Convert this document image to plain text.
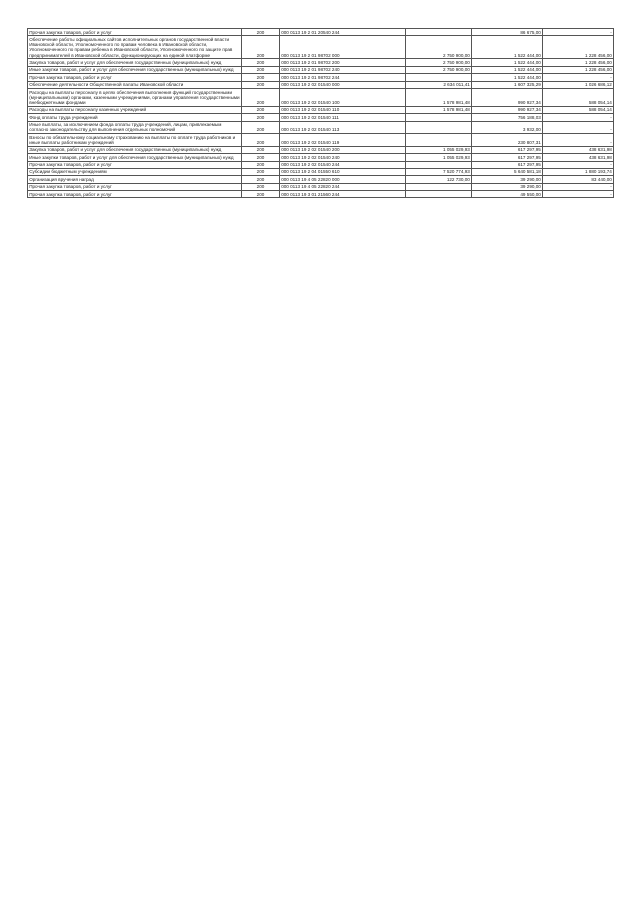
Прочая закупка товаров, работ и услуг	200	000 0113 19 2 01 20540 244		86 675,00	-
Обеспечение работы официальных сайтов исполнительных органов государственной власти Ивановской области, Уполномоченного по правам человека в Ивановской области, Уполномоченного по правам ребенка в Ивановской области, Уполномоченного по защите прав предпринимателей в Ивановской области, функционирующих на единой платформе	200	000 0113 19 2 01 98702 000	2 750 900,00	1 522 444,00	1 228 456,00
Закупка товаров, работ и услуг для обеспечения государственных (муниципальных) нужд	200	000 0113 19 2 01 98702 200	2 750 900,00	1 522 444,00	1 228 456,00
Иные закупки товаров, работ и услуг для обеспечения государственных (муниципальных) нужд	200	000 0113 19 2 01 98702 240	2 750 900,00	1 522 444,00	1 228 456,00
Прочая закупка товаров, работ и услуг	200	000 0113 19 2 01 98702 244		1 522 444,00	-
Обеспечение деятельности Общественной палаты Ивановской области	200	000 0113 19 2 02 01540 000	2 634 011,41	1 607 325,29	1 026 686,12
Расходы на выплаты персоналу в целях обеспечения выполнения функций государственными (муниципальными) органами, казенными учреждениями, органами управления государственными внебюджетными фондами	200	000 0113 19 2 02 01540 100	1 578 981,48	990 927,34	588 054,14
Расходы на выплаты персоналу казенных учреждений	200	000 0113 19 2 02 01540 110	1 578 981,48	990 927,34	588 054,14
Фонд оплаты труда учреждений	200	000 0113 19 2 02 01540 111		756 188,03	-
Иные выплаты, за исключением фонда оплаты труда учреждений, лицам, привлекаемым согласно законодательству для выполнения отдельных полномочий	200	000 0113 19 2 02 01540 113		3 932,00	-
Взносы по обязательному социальному страхованию на выплаты по оплате труда работников и иные выплаты работникам учреждений	200	000 0113 19 2 02 01540 119		230 807,31	-
Закупка товаров, работ и услуг для обеспечения государственных (муниципальных) нужд	200	000 0113 19 2 02 01540 200	1 055 029,93	617 297,95	438 631,98
Иные закупки товаров, работ и услуг для обеспечения государственных (муниципальных) нужд	200	000 0113 19 2 02 01540 240	1 055 029,93	617 297,95	438 631,98
Прочая закупка товаров, работ и услуг	200	000 0113 19 2 02 01540 244		617 297,95	-
Субсидии бюджетным учреждениям	200	000 0113 19 2 04 01550 610	7 520 774,93	5 640 581,18	1 880 193,74
Организация вручения наград	200	000 0113 19 4 05 22820 000	122 730,00	39 290,00	83 440,00
Прочая закупка товаров, работ и услуг	200	000 0113 19 4 05 22820 244		39 290,00	-
Прочая закупка товаров, работ и услуг	200	000 0113 19 3 01 21560 244		49 550,00	-
